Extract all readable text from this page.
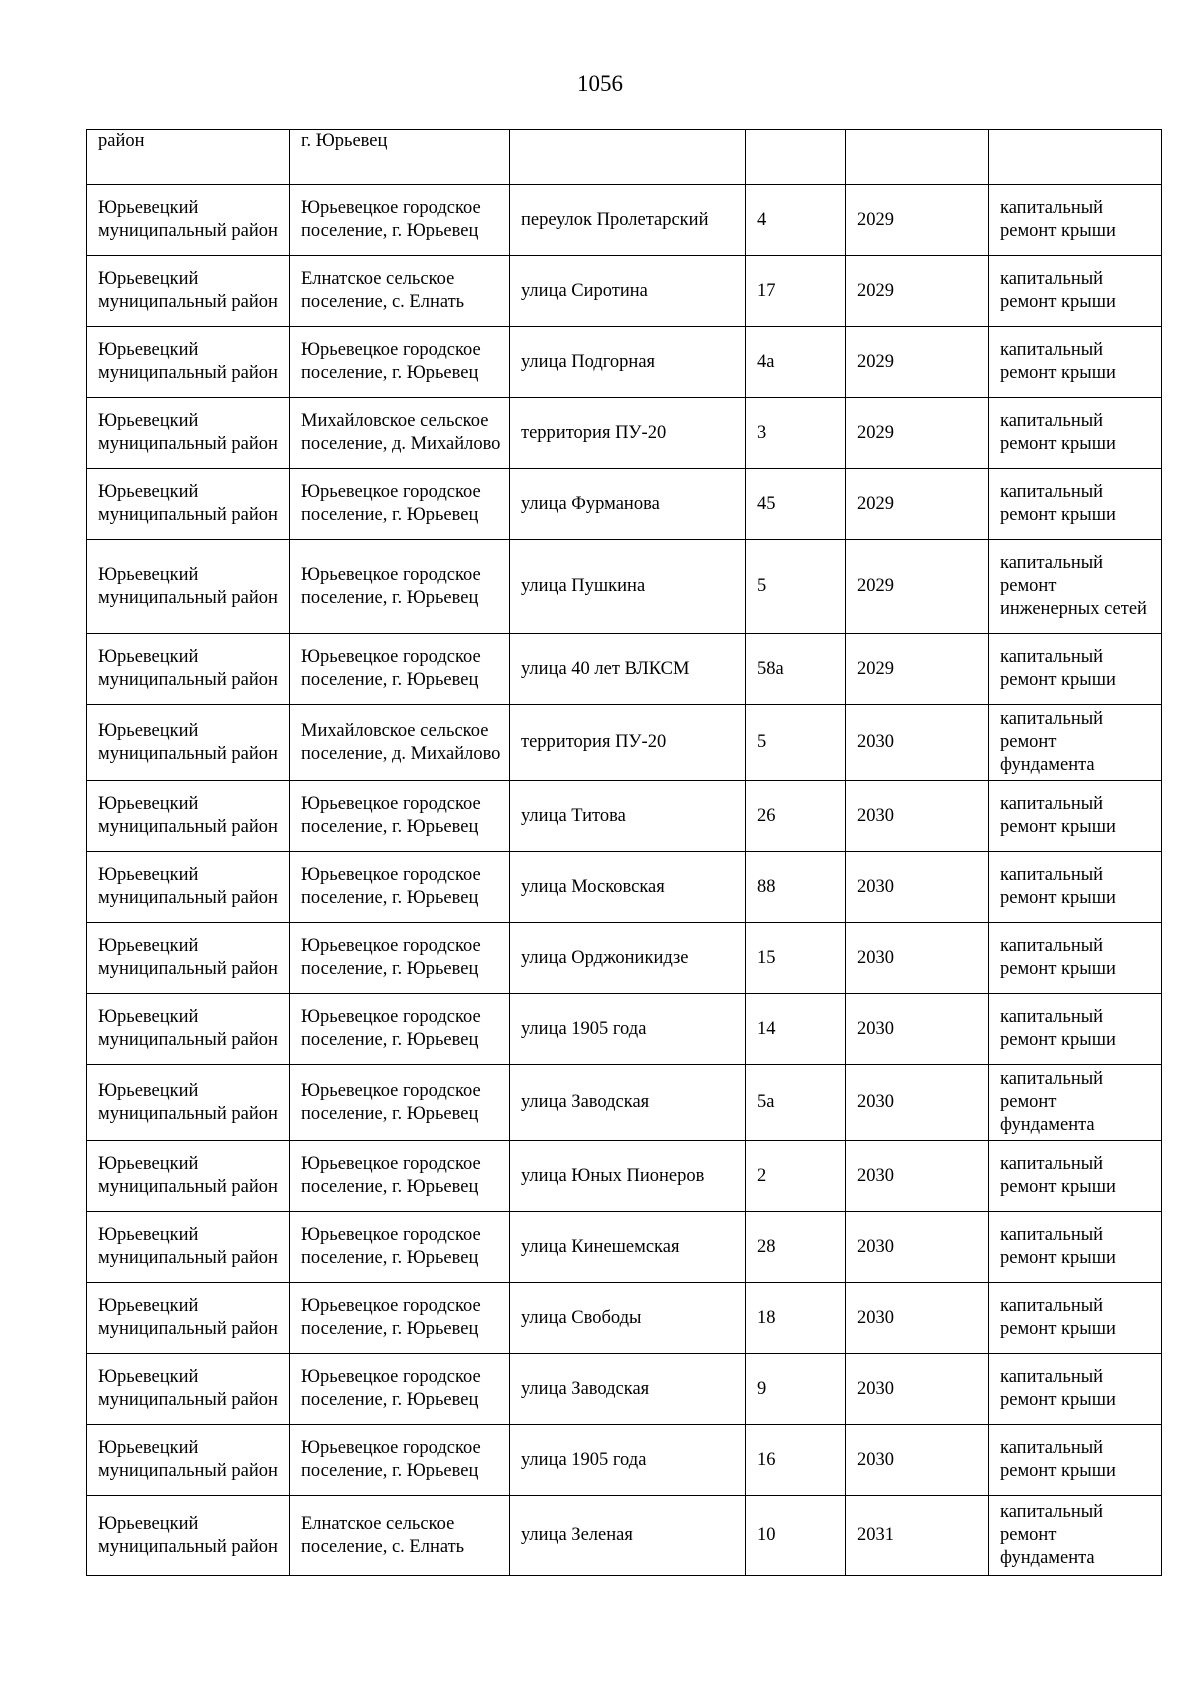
1056
район	г. Юрьевец				
Юрьевецкий муниципальный район	Юрьевецкое городское поселение, г. Юрьевец	переулок Пролетарский	4	2029	капитальный ремонт крыши
Юрьевецкий муниципальный район	Елнатское сельское поселение, с. Елнать	улица Сиротина	17	2029	капитальный ремонт крыши
Юрьевецкий муниципальный район	Юрьевецкое городское поселение, г. Юрьевец	улица Подгорная	4а	2029	капитальный ремонт крыши
Юрьевецкий муниципальный район	Михайловское сельское поселение, д. Михайлово	территория ПУ-20	3	2029	капитальный ремонт крыши
Юрьевецкий муниципальный район	Юрьевецкое городское поселение, г. Юрьевец	улица Фурманова	45	2029	капитальный ремонт крыши
Юрьевецкий муниципальный район	Юрьевецкое городское поселение, г. Юрьевец	улица Пушкина	5	2029	капитальный ремонт инженерных сетей
Юрьевецкий муниципальный район	Юрьевецкое городское поселение, г. Юрьевец	улица 40 лет ВЛКСМ	58а	2029	капитальный ремонт крыши
Юрьевецкий муниципальный район	Михайловское сельское поселение, д. Михайлово	территория ПУ-20	5	2030	капитальный ремонт фундамента
Юрьевецкий муниципальный район	Юрьевецкое городское поселение, г. Юрьевец	улица Титова	26	2030	капитальный ремонт крыши
Юрьевецкий муниципальный район	Юрьевецкое городское поселение, г. Юрьевец	улица Московская	88	2030	капитальный ремонт крыши
Юрьевецкий муниципальный район	Юрьевецкое городское поселение, г. Юрьевец	улица Орджоникидзе	15	2030	капитальный ремонт крыши
Юрьевецкий муниципальный район	Юрьевецкое городское поселение, г. Юрьевец	улица 1905 года	14	2030	капитальный ремонт крыши
Юрьевецкий муниципальный район	Юрьевецкое городское поселение, г. Юрьевец	улица Заводская	5а	2030	капитальный ремонт фундамента
Юрьевецкий муниципальный район	Юрьевецкое городское поселение, г. Юрьевец	улица Юных Пионеров	2	2030	капитальный ремонт крыши
Юрьевецкий муниципальный район	Юрьевецкое городское поселение, г. Юрьевец	улица Кинешемская	28	2030	капитальный ремонт крыши
Юрьевецкий муниципальный район	Юрьевецкое городское поселение, г. Юрьевец	улица Свободы	18	2030	капитальный ремонт крыши
Юрьевецкий муниципальный район	Юрьевецкое городское поселение, г. Юрьевец	улица Заводская	9	2030	капитальный ремонт крыши
Юрьевецкий муниципальный район	Юрьевецкое городское поселение, г. Юрьевец	улица 1905 года	16	2030	капитальный ремонт крыши
Юрьевецкий муниципальный район	Елнатское сельское поселение, с. Елнать	улица Зеленая	10	2031	капитальный ремонт фундамента
